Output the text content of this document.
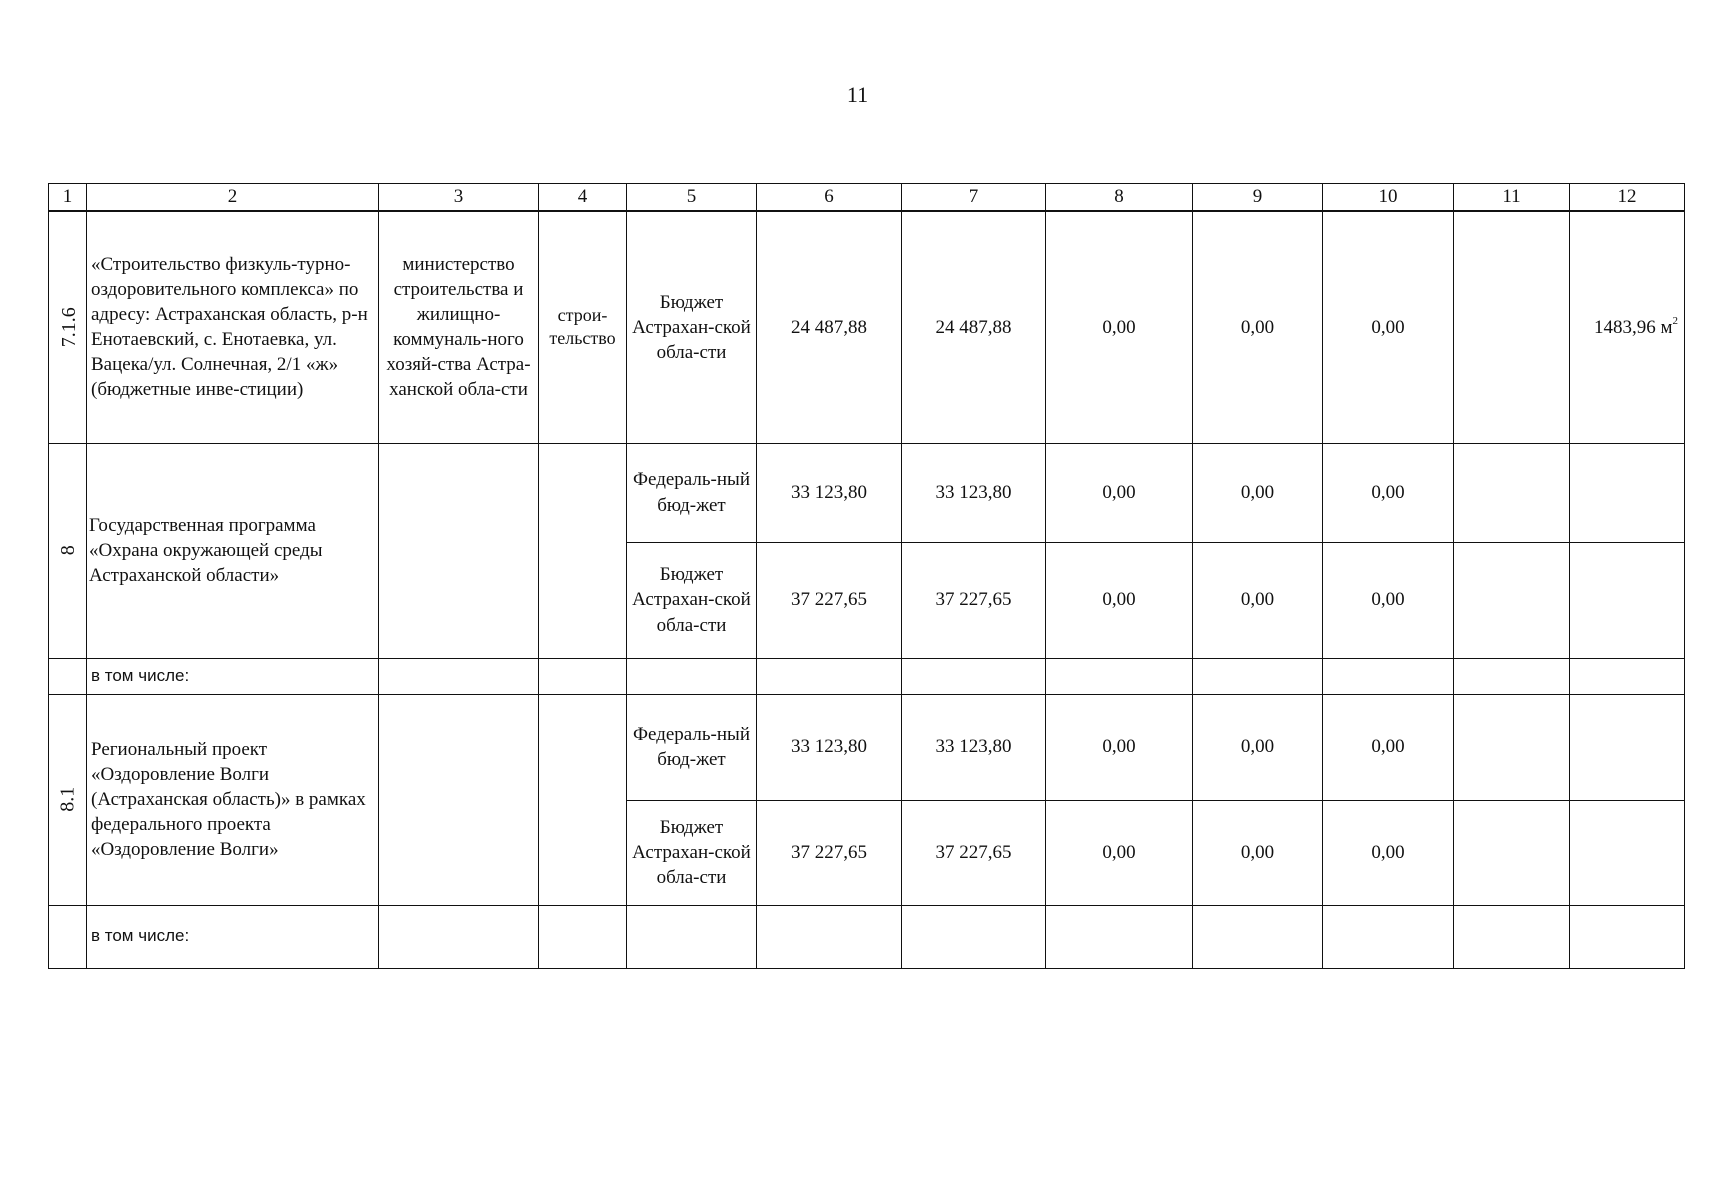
11
1	2	3	4	5	6	7	8	9	10	11	12
7.1.6	«Строительство физкуль-турно-оздоровительного комплекса» по адресу: Астраханская область, р-н Енотаевский, с. Енотаевка, ул. Вацека/ул. Солнечная, 2/1 «ж» (бюджетные инве-стиции)	министерство строительства и жилищно-коммуналь-ного хозяй-ства Астра-ханской обла-сти	строи-тельство	Бюджет Астрахан-ской обла-сти	24 487,88	24 487,88	0,00	0,00	0,00		1483,96 $м^2$
8	Государственная программа «Охрана окружающей среды Астраханской области»			Федераль-ный бюд-жет	33 123,80	33 123,80	0,00	0,00	0,00		
				Бюджет Астрахан-ской обла-сти	37 227,65	37 227,65	0,00	0,00	0,00		
	в том числе:										
8.1	Региональный проект «Оздоровление Волги (Астраханская область)» в рамках федерального проекта «Оздоровление Волги»			Федераль-ный бюд-жет	33 123,80	33 123,80	0,00	0,00	0,00		
				Бюджет Астрахан-ской обла-сти	37 227,65	37 227,65	0,00	0,00	0,00		
	в том числе:										
